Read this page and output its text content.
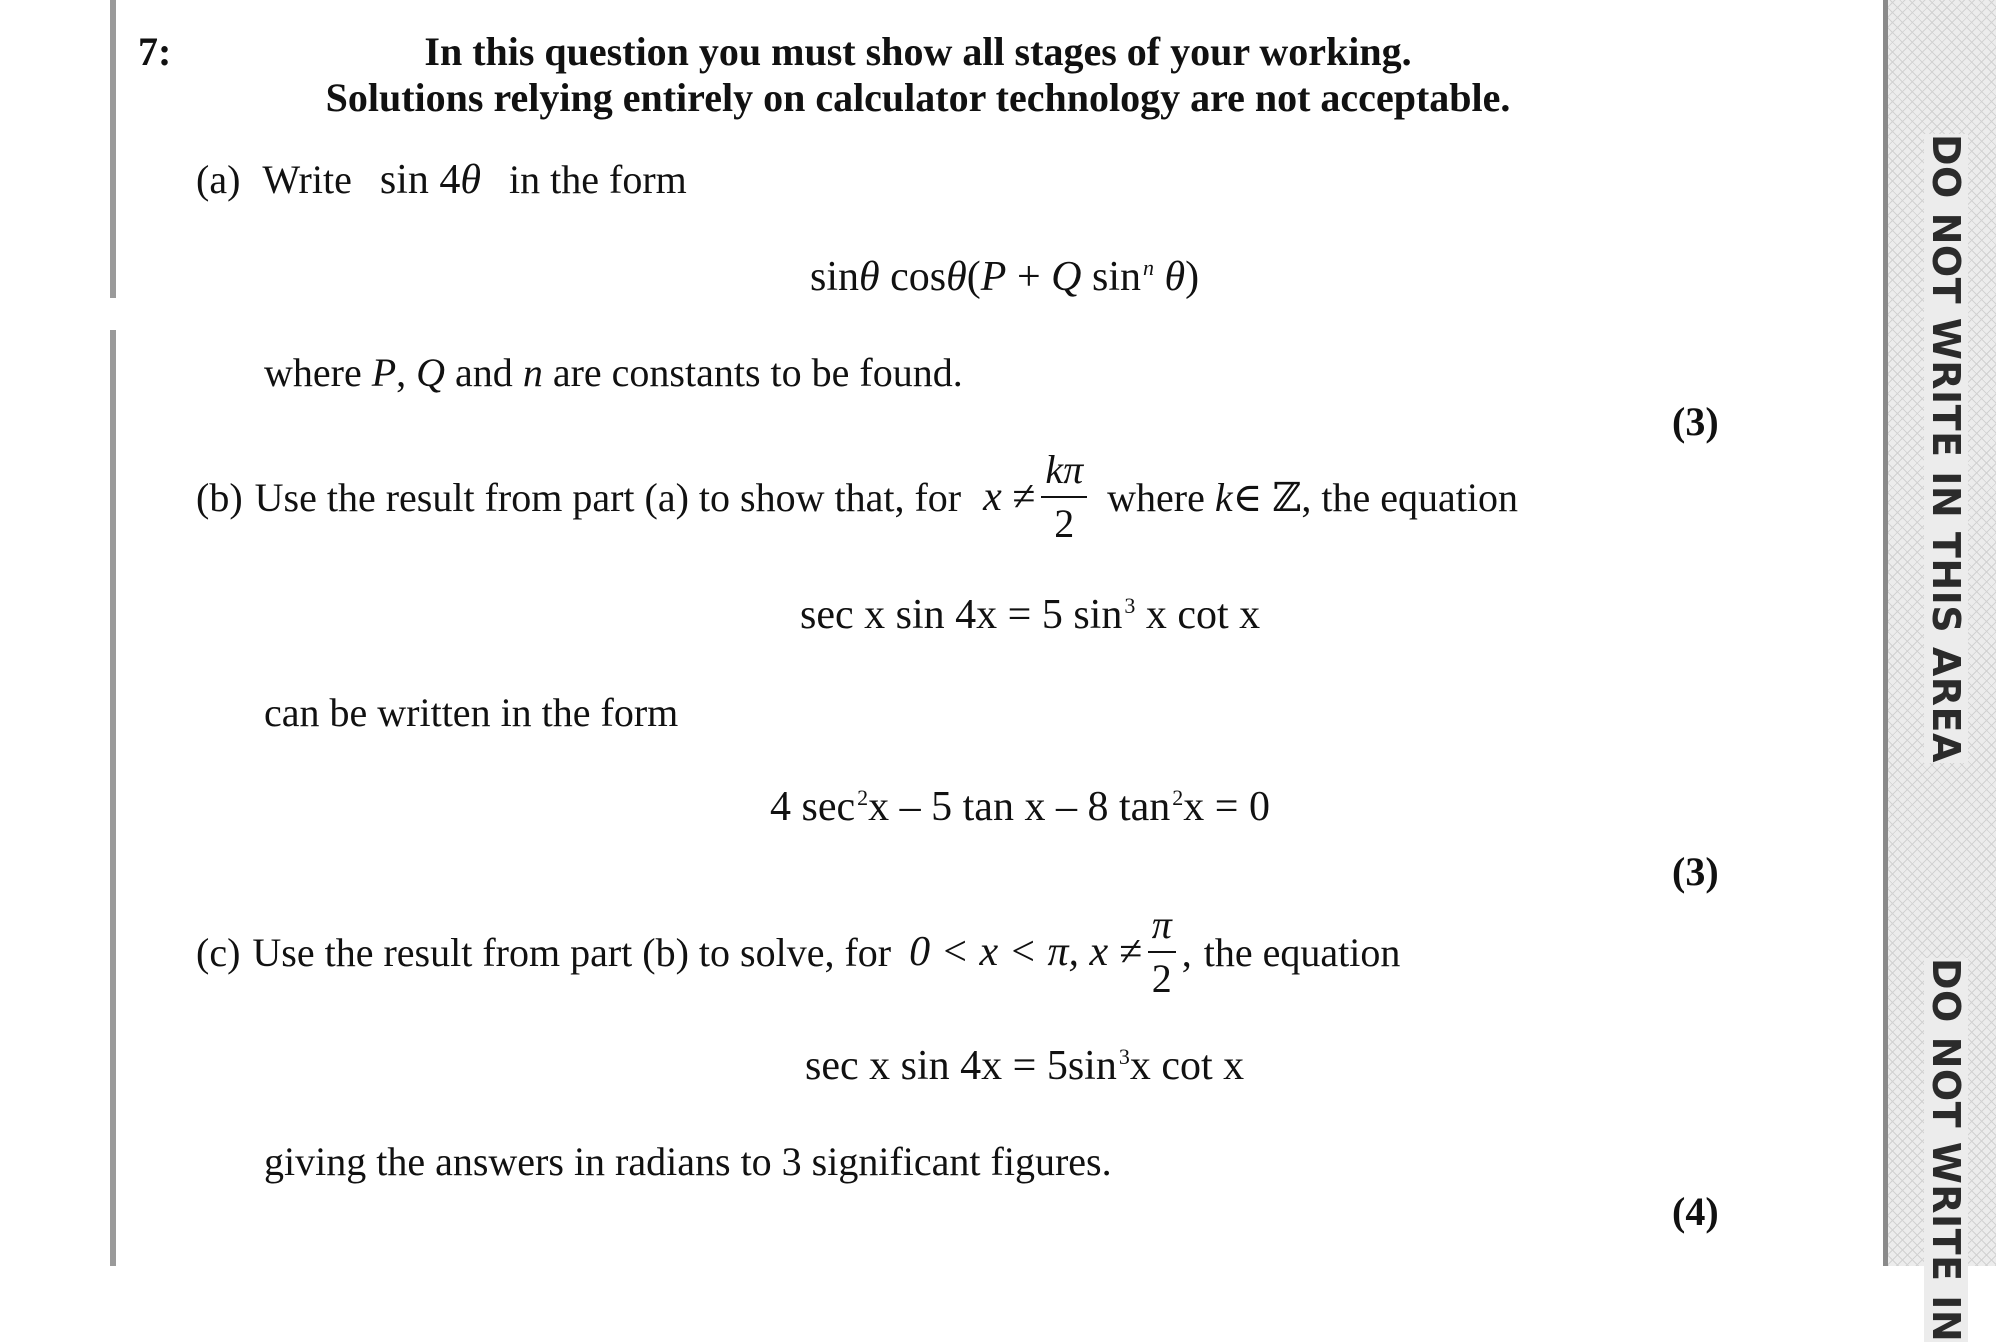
7:	In this question you must show all stages of your working.
Solutions relying entirely on calculator technology are not acceptable.
(a) Write sin 4θ in the form
sinθ cosθ(P + Q $\sin^n \theta$)
where P, Q and n are constants to be found.
(3)
(b) Use the result from part (a) to show that, for $x \ne \frac{k\pi}{2}$ where k ∈ ℤ, the equation
sec x sin 4x = 5 $\sin^3 x$ cot x
can be written in the form
4 $\sec^2x - 5$ tan x – 8 $\tan^2x = 0$
(3)
(c) Use the result from part (b) to solve, for 0 < x < π, $x \ne \frac{\pi}{2}$ , the equation
sec x $\sin 4x = 5\sin^3x$ cot x
giving the answers in radians to 3 significant figures.
(4)
DO NOT WRITE IN THIS AREA
DO NOT WRITE IN
